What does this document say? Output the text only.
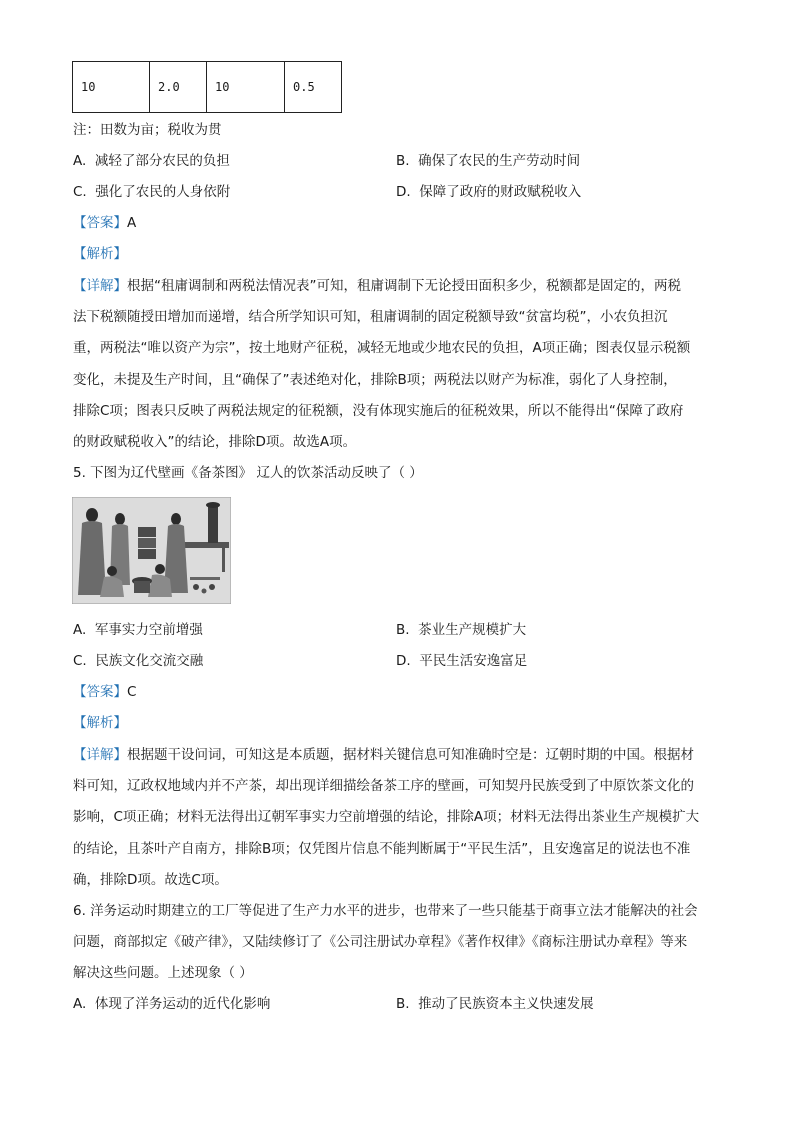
10	2.0	10	0.5
注：田数为亩；税收为贯
A. 减轻了部分农民的负担	B. 确保了农民的生产劳动时间
C. 强化了农民的人身依附	D. 保障了政府的财政赋税收入
【答案】A
【解析】
【详解】根据“租庸调制和两税法情况表”可知，租庸调制下无论授田面积多少，税额都是固定的，两税
法下税额随授田增加而递增，结合所学知识可知，租庸调制的固定税额导致“贫富均税”，小农负担沉
重，两税法“唯以资产为宗”，按土地财产征税，减轻无地或少地农民的负担，A项正确；图表仅显示税额
变化，未提及生产时间，且“确保了”表述绝对化，排除B项；两税法以财产为标准，弱化了人身控制，
排除C项；图表只反映了两税法规定的征税额，没有体现实施后的征税效果，所以不能得出“保障了政府
的财政赋税收入”的结论，排除D项。故选A项。
5. 下图为辽代壁画《备茶图》 辽人的饮茶活动反映了（ ）
A. 军事实力空前增强	B. 茶业生产规模扩大
C. 民族文化交流交融	D. 平民生活安逸富足
【答案】C
【解析】
【详解】根据题干设问词，可知这是本质题，据材料关键信息可知准确时空是：辽朝时期的中国。根据材
料可知，辽政权地域内并不产茶，却出现详细描绘备茶工序的壁画，可知契丹民族受到了中原饮茶文化的
影响，C项正确；材料无法得出辽朝军事实力空前增强的结论，排除A项；材料无法得出茶业生产规模扩大
的结论，且茶叶产自南方，排除B项；仅凭图片信息不能判断属于“平民生活”，且安逸富足的说法也不准
确，排除D项。故选C项。
6. 洋务运动时期建立的工厂等促进了生产力水平的进步，也带来了一些只能基于商事立法才能解决的社会
问题，商部拟定《破产律》，又陆续修订了《公司注册试办章程》《著作权律》《商标注册试办章程》等来
解决这些问题。上述现象（ ）
A. 体现了洋务运动的近代化影响	B. 推动了民族资本主义快速发展
